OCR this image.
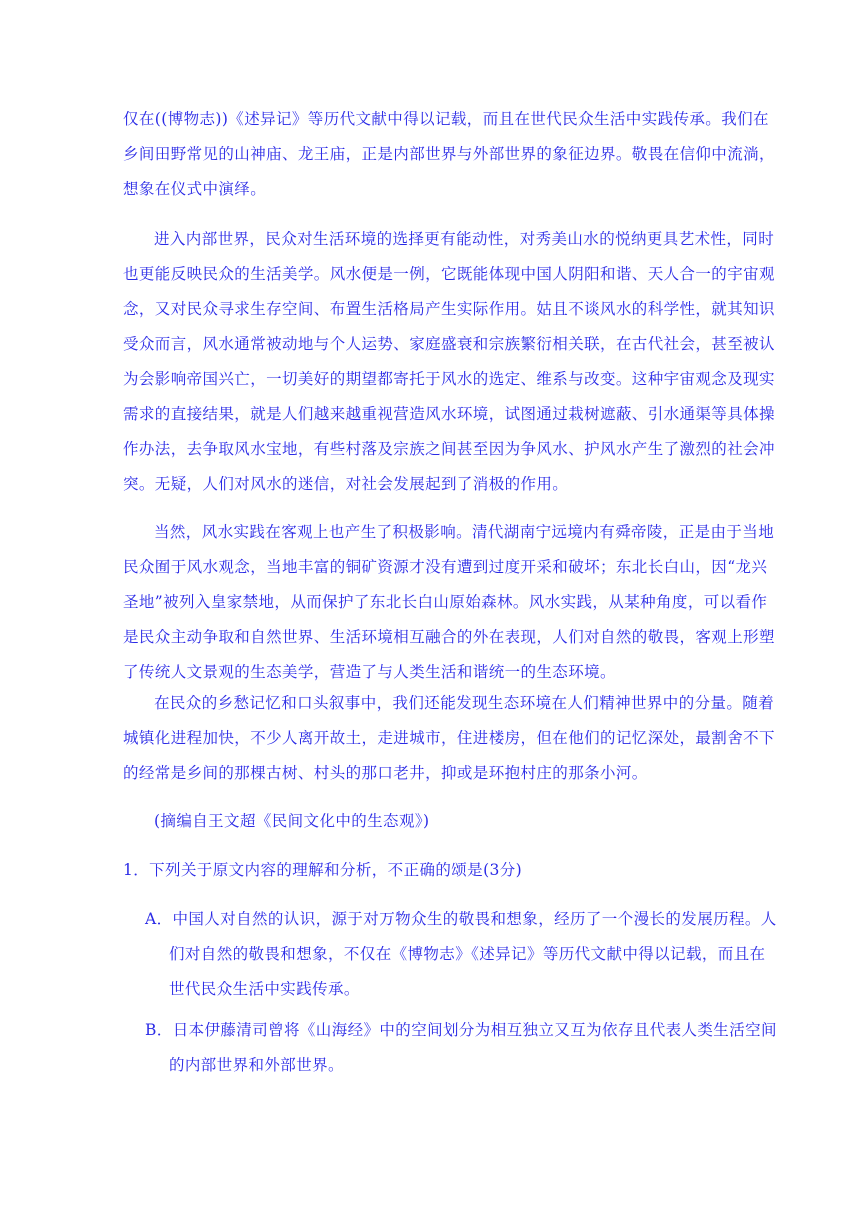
仅在((博物志))《述异记》等历代文献中得以记载，而且在世代民众生活中实践传承。我们在
乡间田野常见的山神庙、龙王庙，正是内部世界与外部世界的象征边界。敬畏在信仰中流淌，
想象在仪式中演绎。
进入内部世界，民众对生活环境的选择更有能动性，对秀美山水的悦纳更具艺术性，同时
也更能反映民众的生活美学。风水便是一例，它既能体现中国人阴阳和谐、天人合一的宇宙观
念，又对民众寻求生存空间、布置生活格局产生实际作用。姑且不谈风水的科学性，就其知识
受众而言，风水通常被动地与个人运势、家庭盛衰和宗族繁衍相关联，在古代社会，甚至被认
为会影响帝国兴亡，一切美好的期望都寄托于风水的选定、维系与改变。这种宇宙观念及现实
需求的直接结果，就是人们越来越重视营造风水环境，试图通过栽树遮蔽、引水通渠等具体操
作办法，去争取风水宝地，有些村落及宗族之间甚至因为争风水、护风水产生了激烈的社会冲
突。无疑，人们对风水的迷信，对社会发展起到了消极的作用。
当然，风水实践在客观上也产生了积极影响。清代湖南宁远境内有舜帝陵，正是由于当地
民众囿于风水观念，当地丰富的铜矿资源才没有遭到过度开采和破坏；东北长白山，因“龙兴
圣地”被列入皇家禁地，从而保护了东北长白山原始森林。风水实践，从某种角度，可以看作
是民众主动争取和自然世界、生活环境相互融合的外在表现，人们对自然的敬畏，客观上形塑
了传统人文景观的生态美学，营造了与人类生活和谐统一的生态环境。
在民众的乡愁记忆和口头叙事中，我们还能发现生态环境在人们精神世界中的分量。随着
城镇化进程加快，不少人离开故土，走进城市，住进楼房，但在他们的记忆深处，最割舍不下
的经常是乡间的那棵古树、村头的那口老井，抑或是环抱村庄的那条小河。
(摘编自王文超《民间文化中的生态观》)
1．下列关于原文内容的理解和分析，不正确的颂是(3分)
A．中国人对自然的认识，源于对万物众生的敬畏和想象，经历了一个漫长的发展历程。人
们对自然的敬畏和想象，不仅在《博物志》《述异记》等历代文献中得以记载，而且在
世代民众生活中实践传承。
B．日本伊藤清司曾将《山海经》中的空间划分为相互独立又互为依存且代表人类生活空间
的内部世界和外部世界。
